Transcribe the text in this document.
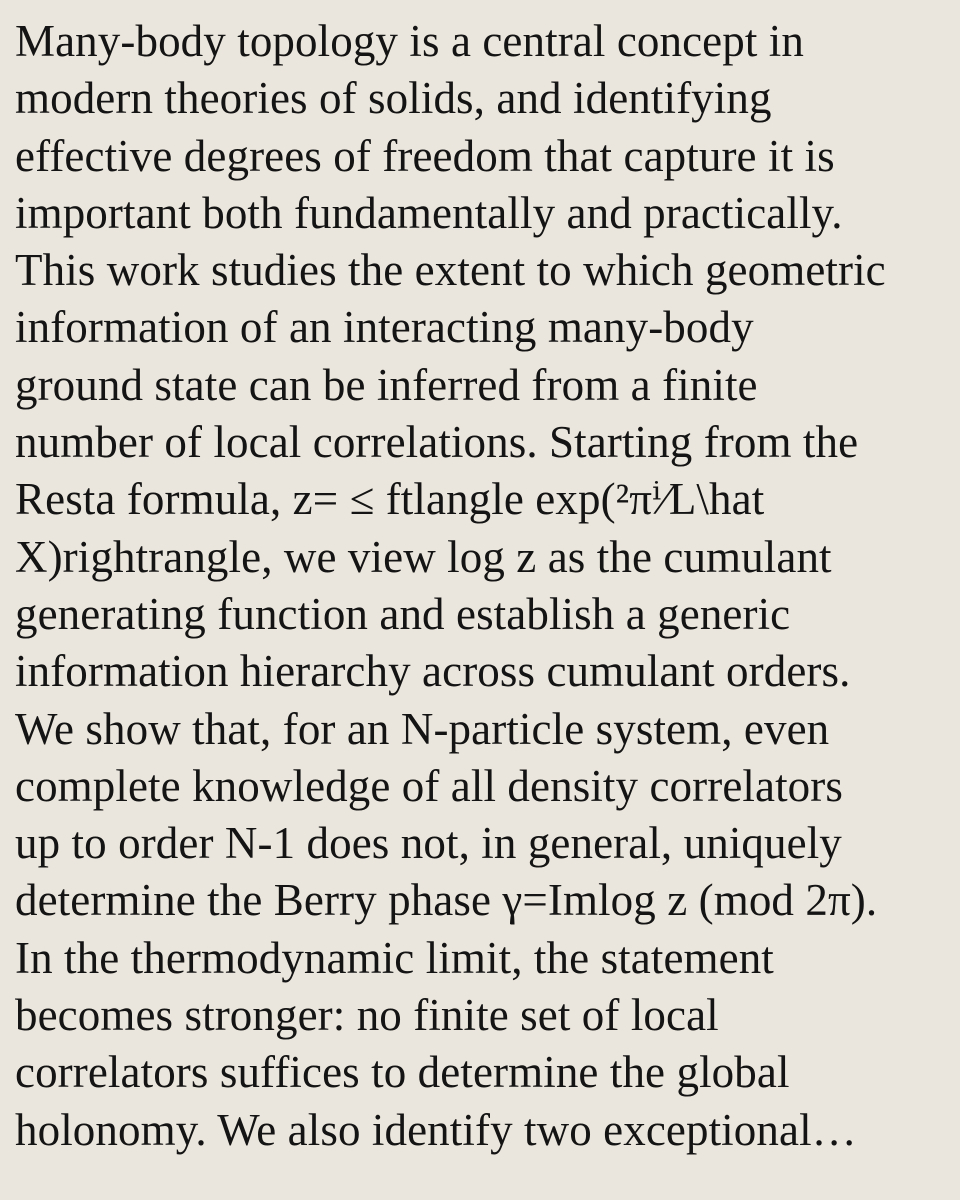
Many-body topology is a central concept in
modern theories of solids, and identifying
effective degrees of freedom that capture it is
important both fundamentally and practically.
This work studies the extent to which geometric
information of an interacting many-body
ground state can be inferred from a finite
number of local correlations. Starting from the
Resta formula, z= ≤ ftlangle exp(²πⁱ⁄L\hat
X)rightrangle, we view log z as the cumulant
generating function and establish a generic
information hierarchy across cumulant orders.
We show that, for an N-particle system, even
complete knowledge of all density correlators
up to order N-1 does not, in general, uniquely
determine the Berry phase γ=Imlog z (mod 2π).
In the thermodynamic limit, the statement
becomes stronger: no finite set of local
correlators suffices to determine the global
holonomy. We also identify two exceptional…
